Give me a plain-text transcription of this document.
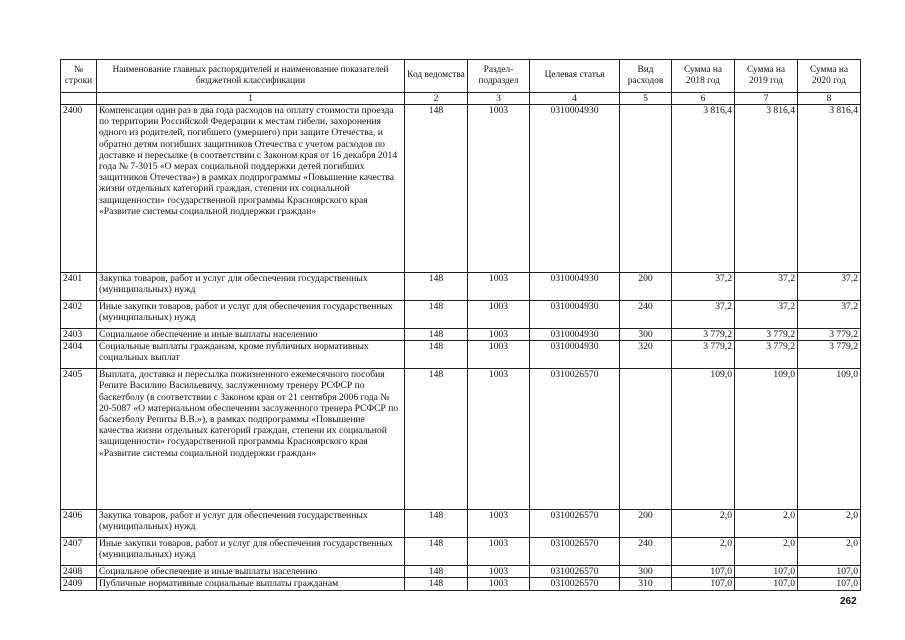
№ строки	Наименование главных распорядителей и наименование показателей бюджетной классификации	Код ведомства	Раздел-подраздел	Целевая статья	Вид расходов	Сумма на 2018 год	Сумма на 2019 год	Сумма на 2020 год
	1	2	3	4	5	6	7	8
2400	Компенсация один раз в два года расходов на оплату стоимости проезда по территории Российской Федерации к местам гибели, захоронения одного из родителей, погибшего (умершего) при защите Отечества, и обратно детям погибших защитников Отечества с учетом расходов по доставке и пересылке (в соответствии с Законом края от 16 декабря 2014 года № 7-3015 «О мерах социальной поддержки детей погибших защитников Отечества») в рамках подпрограммы «Повышение качества жизни отдельных категорий граждан, степени их социальной защищенности» государственной программы Красноярского края «Развитие системы социальной поддержки граждан»	148	1003	0310004930		3 816,4	3 816,4	3 816,4
2401	Закупка товаров, работ и услуг для обеспечения государственных (муниципальных) нужд	148	1003	0310004930	200	37,2	37,2	37,2
2402	Иные закупки товаров, работ и услуг для обеспечения государственных (муниципальных) нужд	148	1003	0310004930	240	37,2	37,2	37,2
2403	Социальное обеспечение и иные выплаты населению	148	1003	0310004930	300	3 779,2	3 779,2	3 779,2
2404	Социальные выплаты гражданам, кроме публичных нормативных социальных выплат	148	1003	0310004930	320	3 779,2	3 779,2	3 779,2
2405	Выплата, доставка и пересылка пожизненного ежемесячного пособия Репите Василию Васильевичу, заслуженному тренеру РСФСР по баскетболу (в соответствии с Законом края от 21 сентября 2006 года № 20-5087 «О материальном обеспечении заслуженного тренера РСФСР по баскетболу Репиты В.В.»), в рамках подпрограммы «Повышение качества жизни отдельных категорий граждан, степени их социальной защищенности» государственной программы Красноярского края «Развитие системы социальной поддержки граждан»	148	1003	0310026570		109,0	109,0	109,0
2406	Закупка товаров, работ и услуг для обеспечения государственных (муниципальных) нужд	148	1003	0310026570	200	2,0	2,0	2,0
2407	Иные закупки товаров, работ и услуг для обеспечения государственных (муниципальных) нужд	148	1003	0310026570	240	2,0	2,0	2,0
2408	Социальное обеспечение и иные выплаты населению	148	1003	0310026570	300	107,0	107,0	107,0
2409	Публичные нормативные социальные выплаты гражданам	148	1003	0310026570	310	107,0	107,0	107,0
262
